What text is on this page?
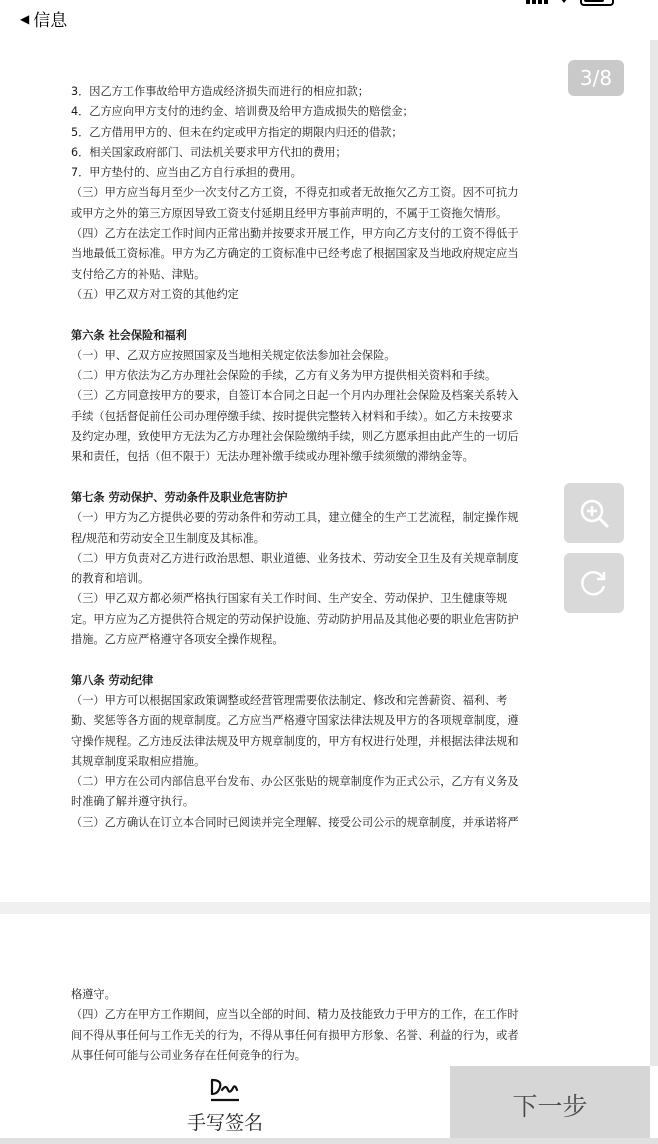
◀ 信息

3．因乙方工作事故给甲方造成经济损失而进行的相应扣款；

4．乙方应向甲方支付的违约金、培训费及给甲方造成损失的赔偿金；

5．乙方借用甲方的、但未在约定或甲方指定的期限内归还的借款；

6．相关国家政府部门、司法机关要求甲方代扣的费用；

7．甲方垫付的、应当由乙方自行承担的费用。

（三）甲方应当每月至少一次支付乙方工资，不得克扣或者无故拖欠乙方工资。因不可抗力

或甲方之外的第三方原因导致工资支付延期且经甲方事前声明的，不属于工资拖欠情形。

（四）乙方在法定工作时间内正常出勤并按要求开展工作，甲方向乙方支付的工资不得低于

当地最低工资标准。甲方为乙方确定的工资标准中已经考虑了根据国家及当地政府规定应当

支付给乙方的补贴、津贴。

（五）甲乙双方对工资的其他约定

第六条 社会保险和福利

（一）甲、乙双方应按照国家及当地相关规定依法参加社会保险。

（二）甲方依法为乙方办理社会保险的手续，乙方有义务为甲方提供相关资料和手续。

（三）乙方同意按甲方的要求，自签订本合同之日起一个月内办理社会保险及档案关系转入

手续（包括督促前任公司办理停缴手续、按时提供完整转入材料和手续）。如乙方未按要求

及约定办理，致使甲方无法为乙方办理社会保险缴纳手续，则乙方愿承担由此产生的一切后

果和责任，包括（但不限于）无法办理补缴手续或办理补缴手续须缴的滞纳金等。

第七条 劳动保护、劳动条件及职业危害防护

（一）甲方为乙方提供必要的劳动条件和劳动工具，建立健全的生产工艺流程，制定操作规

程/规范和劳动安全卫生制度及其标准。

（二）甲方负责对乙方进行政治思想、职业道德、业务技术、劳动安全卫生及有关规章制度

的教育和培训。

（三）甲乙双方都必须严格执行国家有关工作时间、生产安全、劳动保护、卫生健康等规

定。甲方应为乙方提供符合规定的劳动保护设施、劳动防护用品及其他必要的职业危害防护

措施。乙方应严格遵守各项安全操作规程。

第八条 劳动纪律

（一）甲方可以根据国家政策调整或经营管理需要依法制定、修改和完善薪资、福利、考

勤、奖惩等各方面的规章制度。乙方应当严格遵守国家法律法规及甲方的各项规章制度，遵

守操作规程。乙方违反法律法规及甲方规章制度的，甲方有权进行处理，并根据法律法规和

其规章制度采取相应措施。

（二）甲方在公司内部信息平台发布、办公区张贴的规章制度作为正式公示，乙方有义务及

时准确了解并遵守执行。

（三）乙方确认在订立本合同时已阅读并完全理解、接受公司公示的规章制度，并承诺将严

格遵守。

（四）乙方在甲方工作期间，应当以全部的时间、精力及技能致力于甲方的工作，在工作时

间不得从事任何与工作无关的行为，不得从事任何有损甲方形象、名誉、利益的行为，或者

从事任何可能与公司业务存在任何竞争的行为。

3/8
手写签名
下一步
